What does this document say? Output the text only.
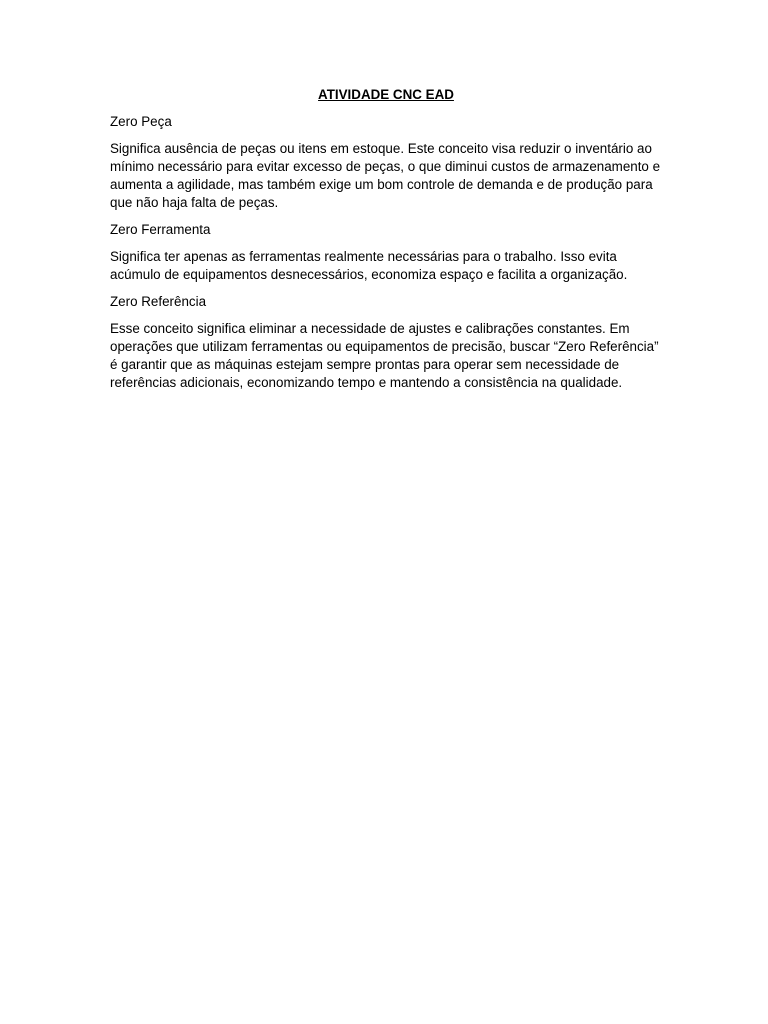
ATIVIDADE CNC EAD

Zero Peça

Significa ausência de peças ou itens em estoque. Este conceito visa reduzir o inventário ao mínimo necessário para evitar excesso de peças, o que diminui custos de armazenamento e aumenta a agilidade, mas também exige um bom controle de demanda e de produção para que não haja falta de peças.

Zero Ferramenta

Significa ter apenas as ferramentas realmente necessárias para o trabalho. Isso evita acúmulo de equipamentos desnecessários, economiza espaço e facilita a organização.

Zero Referência

Esse conceito significa eliminar a necessidade de ajustes e calibrações constantes. Em operações que utilizam ferramentas ou equipamentos de precisão, buscar “Zero Referência” é garantir que as máquinas estejam sempre prontas para operar sem necessidade de referências adicionais, economizando tempo e mantendo a consistência na qualidade.
